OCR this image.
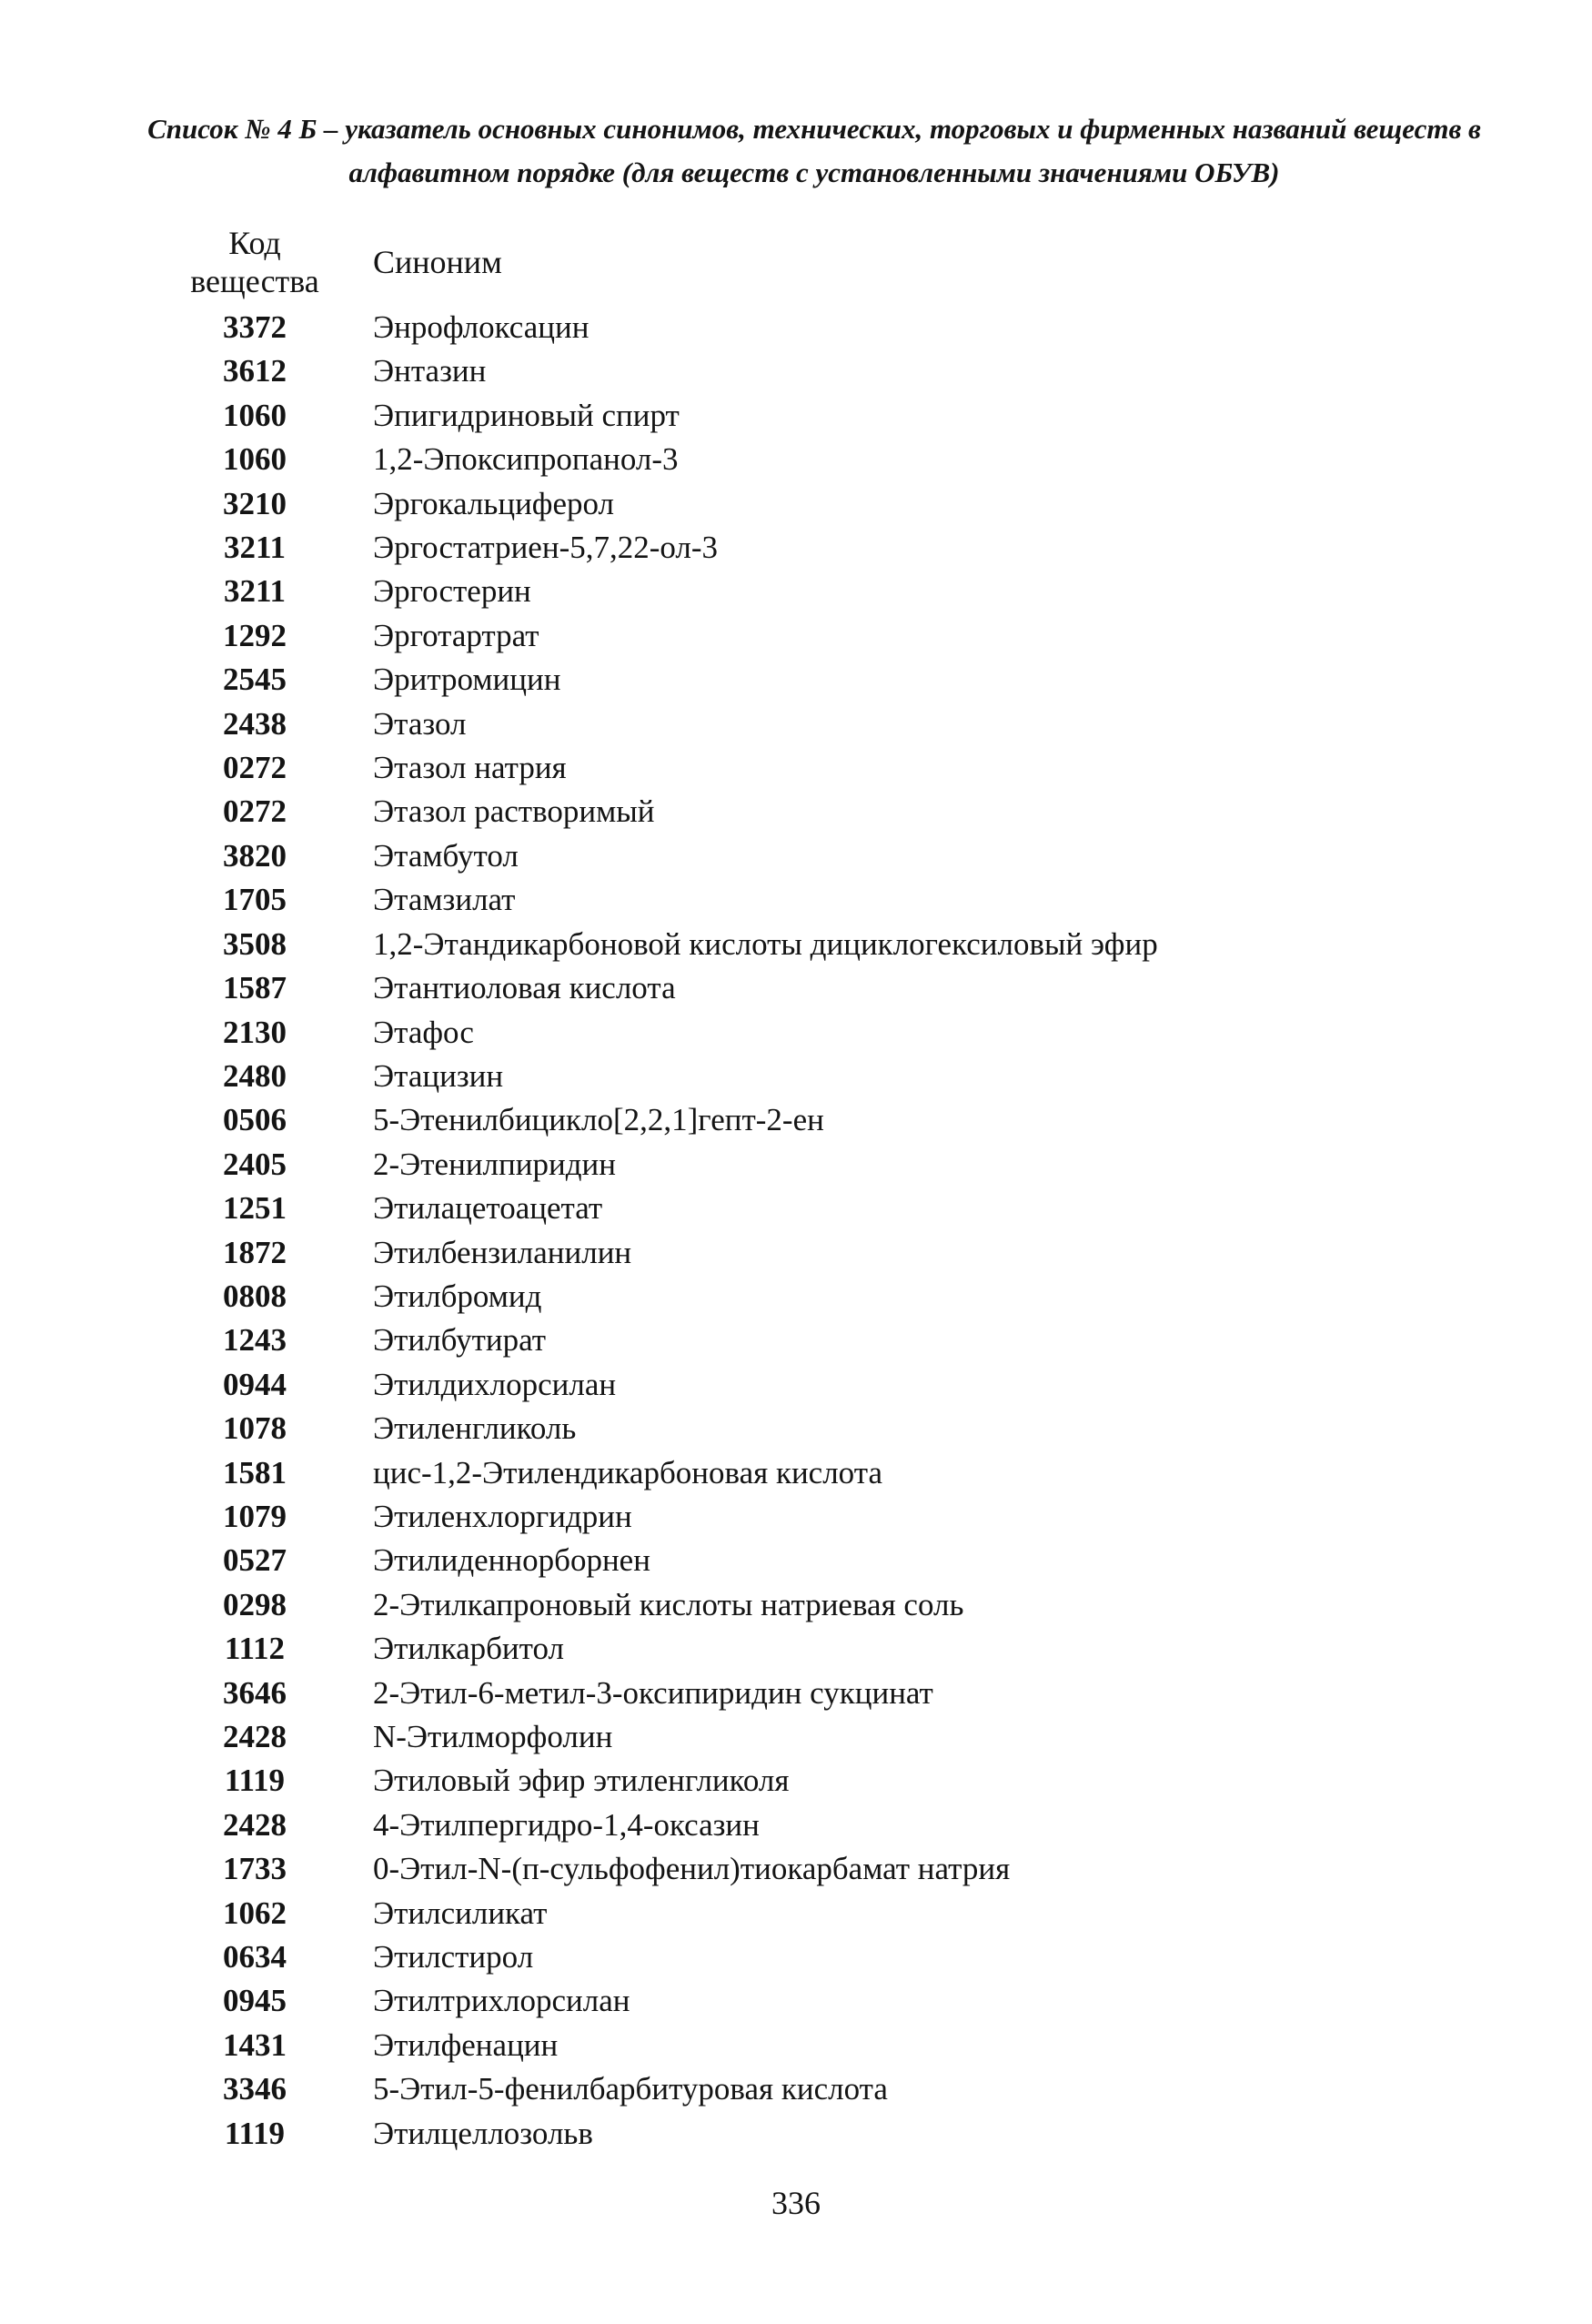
Список № 4 Б – указатель основных синонимов, технических, торговых и фирменных названий веществ в
алфавитном порядке (для веществ с установленными значениями ОБУВ)
Код
вещества	Синоним
3372	Энрофлоксацин
3612	Энтазин
1060	Эпигидриновый спирт
1060	1,2-Эпоксипропанол-3
3210	Эргокальциферол
3211	Эргостатриен-5,7,22-ол-3
3211	Эргостерин
1292	Эрготартрат
2545	Эритромицин
2438	Этазол
0272	Этазол натрия
0272	Этазол растворимый
3820	Этамбутол
1705	Этамзилат
3508	1,2-Этандикарбоновой кислоты дициклогексиловый эфир
1587	Этантиоловая кислота
2130	Этафос
2480	Этацизин
0506	5-Этенилбицикло[2,2,1]гепт-2-ен
2405	2-Этенилпиридин
1251	Этилацетоацетат
1872	Этилбензиланилин
0808	Этилбромид
1243	Этилбутират
0944	Этилдихлорсилан
1078	Этиленгликоль
1581	цис-1,2-Этилендикарбоновая кислота
1079	Этиленхлоргидрин
0527	Этилиденнорборнен
0298	2-Этилкапроновый кислоты натриевая соль
1112	Этилкарбитол
3646	2-Этил-6-метил-3-оксипиридин сукцинат
2428	N-Этилморфолин
1119	Этиловый эфир этиленгликоля
2428	4-Этилпергидро-1,4-оксазин
1733	0-Этил-N-(п-сульфофенил)тиокарбамат натрия
1062	Этилсиликат
0634	Этилстирол
0945	Этилтрихлорсилан
1431	Этилфенацин
3346	5-Этил-5-фенилбарбитуровая кислота
1119	Этилцеллозольв
336
